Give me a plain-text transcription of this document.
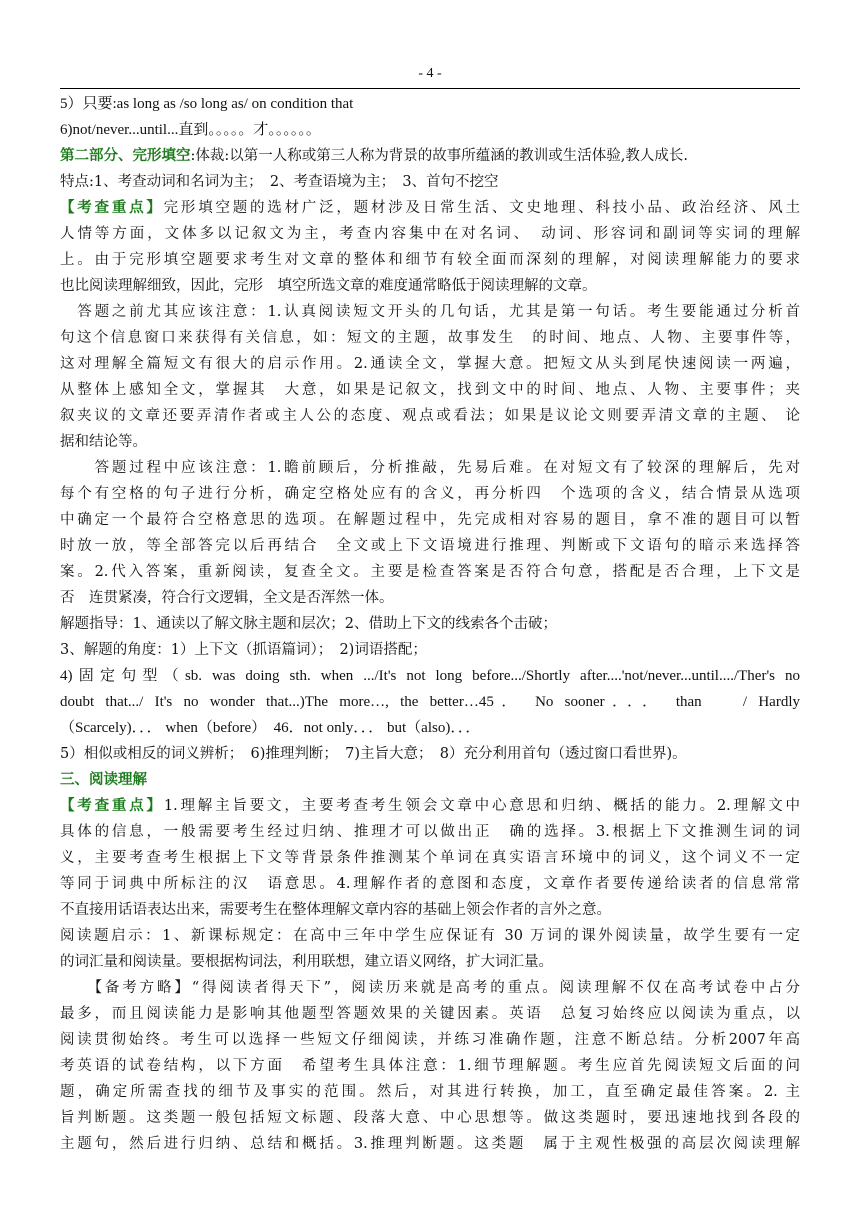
- 4 -
5）只要:as long as /so long as/ on condition that
6)not/never...until...直到。。。。。才。。。。。。
第二部分、完形填空:体裁:以第一人称或第三人称为背景的故事所蕴涵的教训或生活体验,教人成长.
特点:1、考查动词和名词为主；　2、考查语境为主；　3、首句不挖空
【考查重点】完形填空题的选材广泛，题材涉及日常生活、文史地理、科技小品、政治经济、风土
人情等方面，文体多以记叙文为主，考查内容集中在对名词、　动词、形容词和副词等实词的理解
上。由于完形填空题要求考生对文章的整体和细节有较全面而深刻的理解，对阅读理解能力的要求
也比阅读理解细致，因此，完形　填空所选文章的难度通常略低于阅读理解的文章。
　答题之前尤其应该注意：1.认真阅读短文开头的几句话，尤其是第一句话。考生要能通过分析首
句这个信息窗口来获得有关信息，如：短文的主题，故事发生　的时间、地点、人物、主要事件等，
这对理解全篇短文有很大的启示作用。2.通读全文，掌握大意。把短文从头到尾快速阅读一两遍，
从整体上感知全文，掌握其　大意，如果是记叙文，找到文中的时间、地点、人物、主要事件；夹
叙夹议的文章还要弄清作者或主人公的态度、观点或看法；如果是议论文则要弄清文章的主题、 论
据和结论等。
　　答题过程中应该注意：1.瞻前顾后，分析推敲，先易后难。在对短文有了较深的理解后，先对
每个有空格的句子进行分析，确定空格处应有的含义，再分析四　个选项的含义，结合情景从选项
中确定一个最符合空格意思的选项。在解题过程中，先完成相对容易的题目，拿不准的题目可以暂
时放一放，等全部答完以后再结合　全文或上下文语境进行推理、判断或下文语句的暗示来选择答
案。2.代入答案，重新阅读，复查全文。主要是检查答案是否符合句意，搭配是否合理，上下文是
否　连贯紧凑，符合行文逻辑，全文是否浑然一体。
解题指导：1、通读以了解文脉主题和层次；2、借助上下文的线索各个击破；
3、解题的角度：1）上下文（抓语篇词）；　2)词语搭配；
4)固定句型（sb. was doing sth. when .../It's not long before.../Shortly after....'not/never...until..../Ther's no
doubt that.../ It's no wonder that...)The more…, the better…45． No sooner．．． than　 / Hardly
（Scarcely)．．． when（before）　46．not only．．． but（also)．．．
5）相似或相反的词义辨析；　6)推理判断；　7)主旨大意；　8）充分利用首句（透过窗口看世界)。
三、阅读理解
【考查重点】1.理解主旨要文，主要考查考生领会文章中心意思和归纳、概括的能力。2.理解文中
具体的信息，一般需要考生经过归纳、推理才可以做出正　确的选择。3.根据上下文推测生词的词
义，主要考查考生根据上下文等背景条件推测某个单词在真实语言环境中的词义，这个词义不一定
等同于词典中所标注的汉　语意思。4.理解作者的意图和态度，文章作者要传递给读者的信息常常
不直接用话语表达出来，需要考生在整体理解文章内容的基础上领会作者的言外之意。
阅读题启示：1、新课标规定：在高中三年中学生应保证有 30 万词的课外阅读量，故学生要有一定
的词汇量和阅读量。要根据构词法，利用联想，建立语义网络，扩大词汇量。
　　【备考方略】“得阅读者得天下”，阅读历来就是高考的重点。阅读理解不仅在高考试卷中占分
最多，而且阅读能力是影响其他题型答题效果的关键因素。英语　总复习始终应以阅读为重点，以
阅读贯彻始终。考生可以选择一些短文仔细阅读，并练习准确作题，注意不断总结。分析2007年高
考英语的试卷结构，以下方面　希望考生具体注意：1.细节理解题。考生应首先阅读短文后面的问
题，确定所需查找的细节及事实的范围。然后，对其进行转换，加工，直至确定最佳答案。2. 主
旨判断题。这类题一般包括短文标题、段落大意、中心思想等。做这类题时，要迅速地找到各段的
主题句，然后进行归纳、总结和概括。3.推理判断题。这类题　属于主观性极强的高层次阅读理解
